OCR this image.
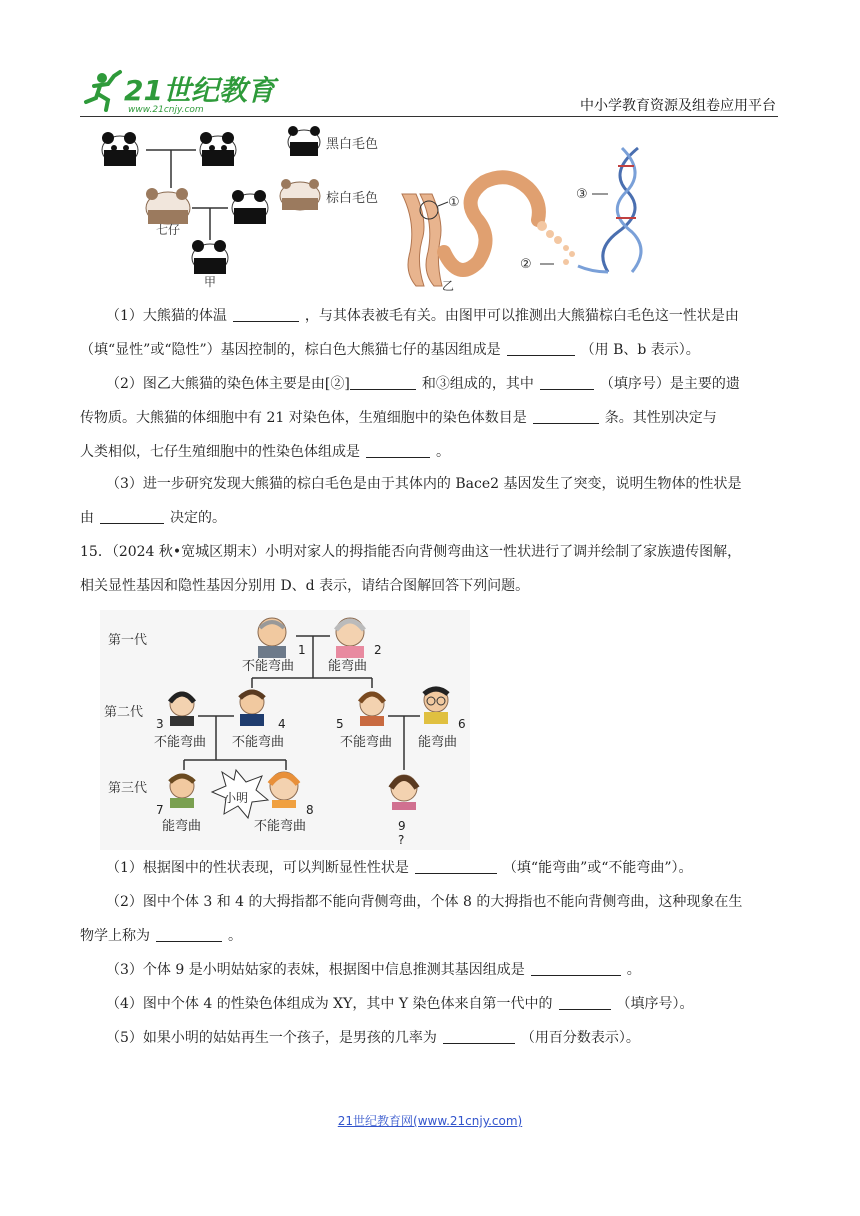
21世纪教育
www.21cnjy.com	中小学教育资源及组卷应用平台
七仔
甲
黑白毛色
棕白毛色	①
②
乙
③
（1）大熊猫的体温	，与其体表被毛有关。由图甲可以推测出大熊猫棕白毛色这一性状是由
（填“显性”或“隐性”）基因控制的，棕白色大熊猫七仔的基因组成是	（用 B、b 表示）。
（2）图乙大熊猫的染色体主要是由[②]	和③组成的，其中	（填序号）是主要的遗
传物质。大熊猫的体细胞中有 21 对染色体，生殖细胞中的染色体数目是	条。其性别决定与
人类相似，七仔生殖细胞中的性染色体组成是	。
（3）进一步研究发现大熊猫的棕白毛色是由于其体内的 Bace2 基因发生了突变，说明生物体的性状是
由	决定的。
15．（2024 秋•宽城区期末）小明对家人的拇指能否向背侧弯曲这一性状进行了调并绘制了家族遗传图解，
相关显性基因和隐性基因分别用 D、d 表示，请结合图解回答下列问题。
第一代
第二代
第三代
1	2
不能弯曲	能弯曲
3	4
不能弯曲 不能弯曲
5	6
不能弯曲 能弯曲
7
能弯曲
小明
8
不能弯曲	9
?
（1）根据图中的性状表现，可以判断显性性状是	（填“能弯曲”或“不能弯曲”）。
（2）图中个体 3 和 4 的大拇指都不能向背侧弯曲，个体 8 的大拇指也不能向背侧弯曲，这种现象在生
物学上称为	。
（3）个体 9 是小明姑姑家的表妹，根据图中信息推测其基因组成是	。
（4）图中个体 4 的性染色体组成为 XY，其中 Y 染色体来自第一代中的	（填序号）。
（5）如果小明的姑姑再生一个孩子，是男孩的几率为	（用百分数表示）。
21世纪教育网(www.21cnjy.com)
